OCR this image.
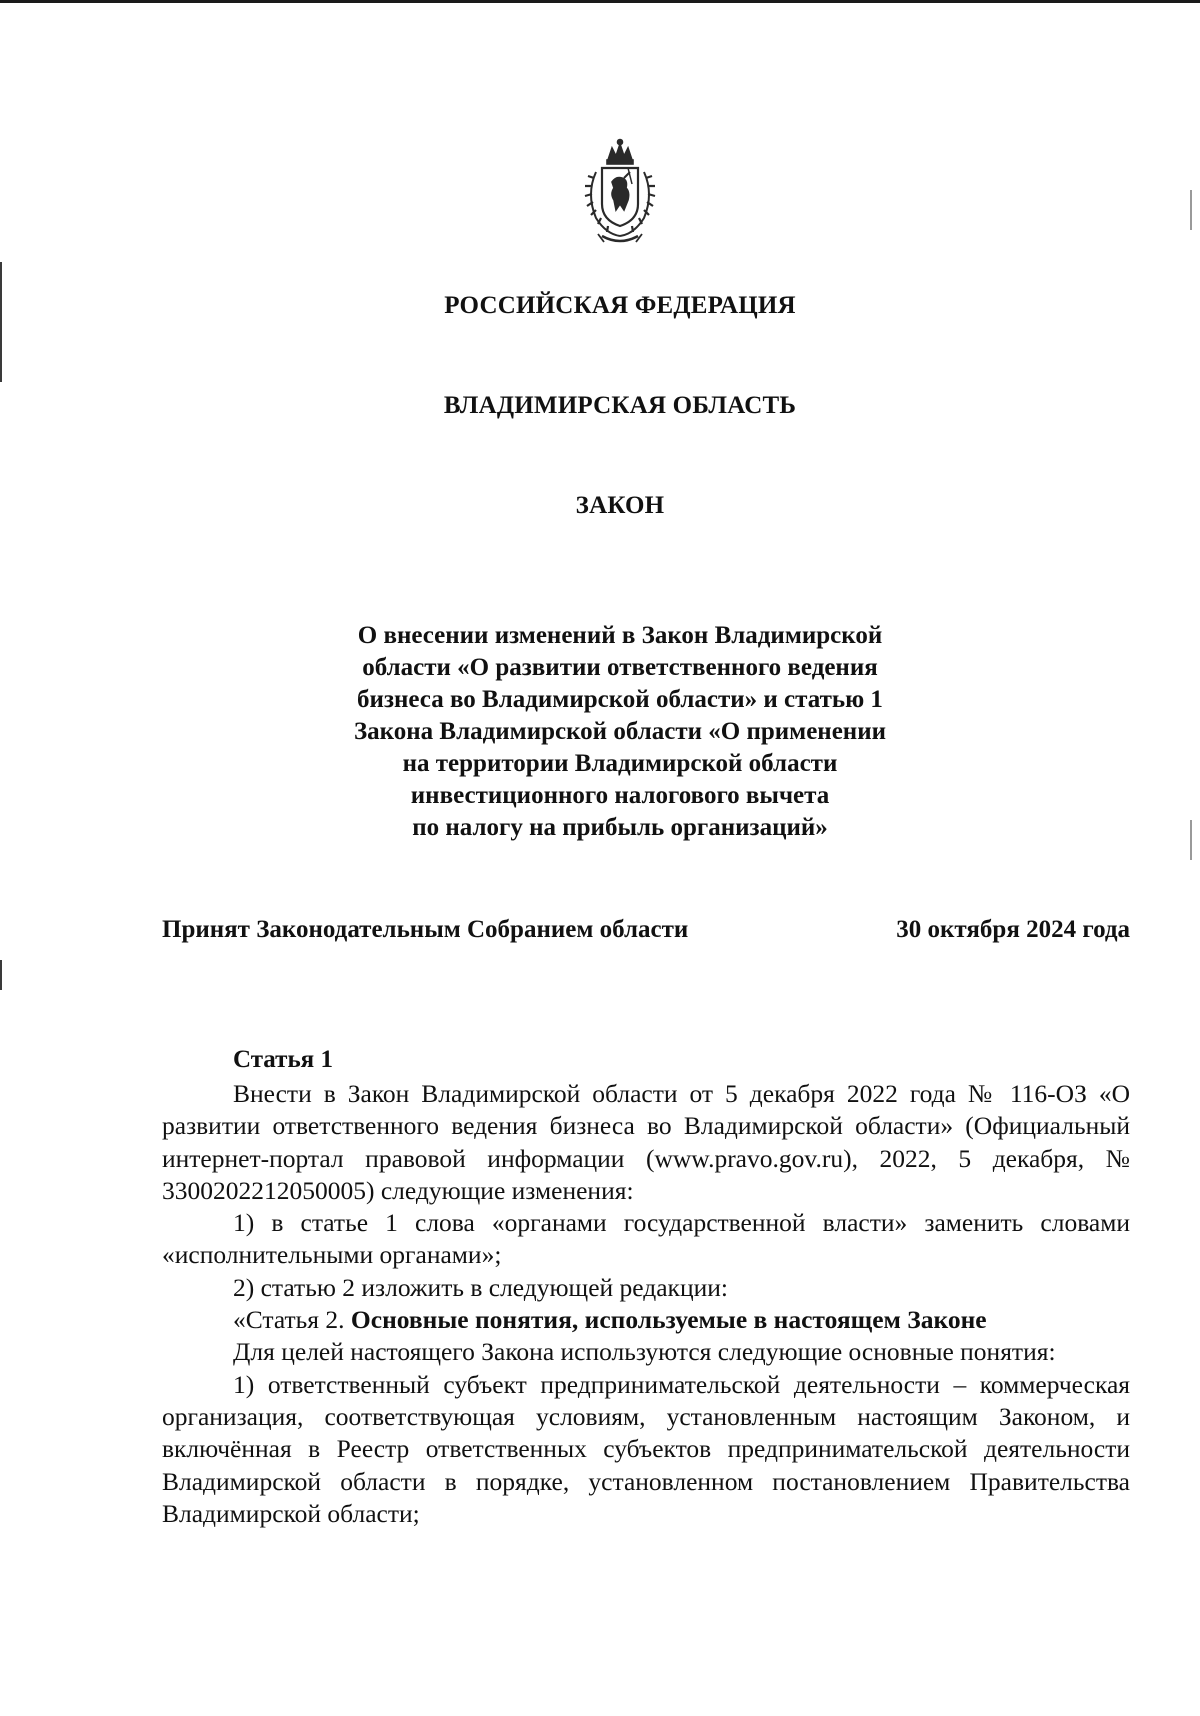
РОССИЙСКАЯ ФЕДЕРАЦИЯ
ВЛАДИМИРСКАЯ ОБЛАСТЬ
ЗАКОН
О внесении изменений в Закон Владимирской
области «О развитии ответственного ведения
бизнеса во Владимирской области» и статью 1
Закона Владимирской области «О применении
на территории Владимирской области
инвестиционного налогового вычета
по налогу на прибыль организаций»
Принят Законодательным Собранием области	30 октября 2024 года
Статья 1

Внести в Закон Владимирской области от 5 декабря 2022 года № 116-ОЗ «О развитии ответственного ведения бизнеса во Владимирской области» (Официальный интернет-портал правовой информации (www.pravo.gov.ru), 2022, 5 декабря, № 3300202212050005) следующие изменения:

1) в статье 1 слова «органами государственной власти» заменить словами «исполнительными органами»;

2) статью 2 изложить в следующей редакции:

«Статья 2. Основные понятия, используемые в настоящем Законе

Для целей настоящего Закона используются следующие основные понятия:

1) ответственный субъект предпринимательской деятельности – коммерческая организация, соответствующая условиям, установленным настоящим Законом, и включённая в Реестр ответственных субъектов предпринимательской деятельности Владимирской области в порядке, установленном постановлением Правительства Владимирской области;
